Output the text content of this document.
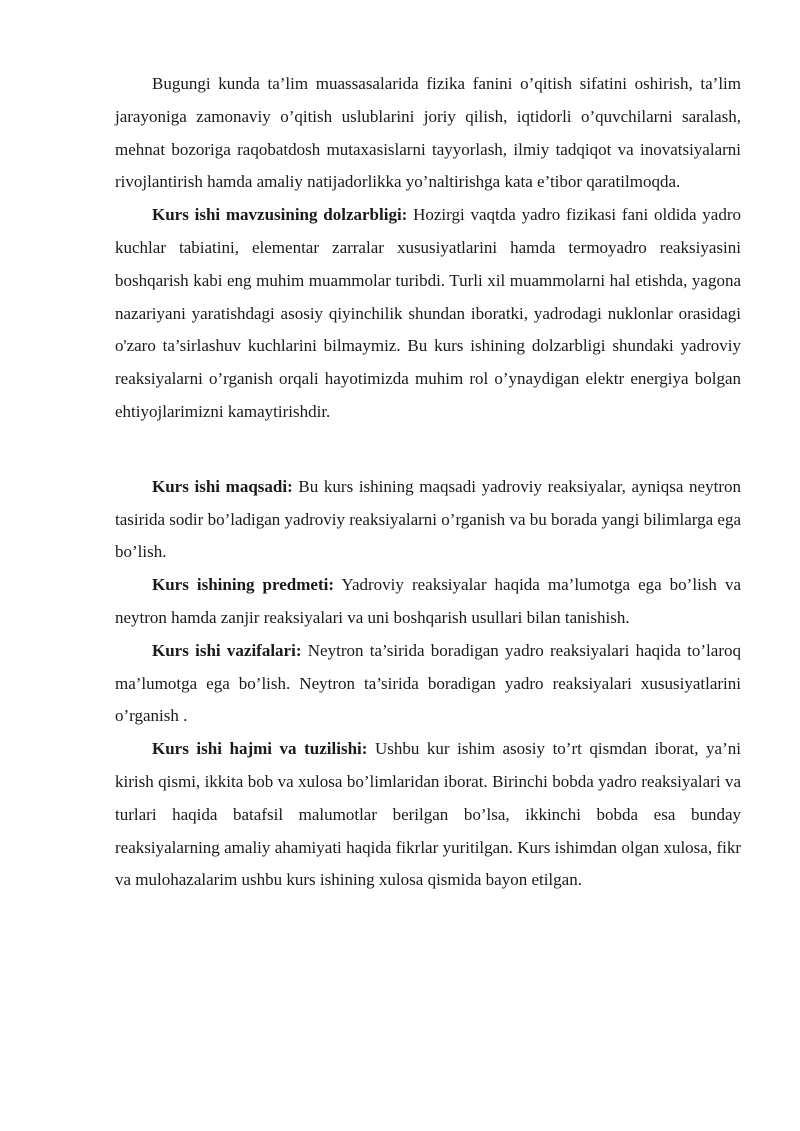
Bugungi kunda ta’lim muassasalarida fizika fanini o’qitish sifatini oshirish, ta’lim jarayoniga zamonaviy o’qitish uslublarini joriy qilish, iqtidorli o’quvchilarni saralash, mehnat bozoriga raqobatdosh mutaxasislarni tayyorlash, ilmiy tadqiqot va inovatsiyalarni rivojlantirish hamda amaliy natijadorlikka yo’naltirishga kata e’tibor qaratilmoqda.

Kurs ishi mavzusining dolzarbligi: Hozirgi vaqtda yadro fizikasi fani oldida yadro kuchlar tabiatini, elementar zarralar xususiyatlarini hamda termoyadro reaksiyasini boshqarish kabi eng muhim muammolar turibdi. Turli xil muammolarni hal etishda, yagona nazariyani yaratishdagi asosiy qiyinchilik shundan iboratki, yadrodagi nuklonlar orasidagi o'zaro ta’sirlashuv kuchlarini bilmaymiz. Bu kurs ishining dolzarbligi shundaki yadroviy reaksiyalarni o’rganish orqali hayotimizda muhim rol o’ynaydigan elektr energiya bolgan ehtiyojlarimizni kamaytirishdir.

Kurs ishi maqsadi: Bu kurs ishining maqsadi yadroviy reaksiyalar, ayniqsa neytron tasirida sodir bo’ladigan yadroviy reaksiyalarni o’rganish va bu borada yangi bilimlarga ega bo’lish.

Kurs ishining predmeti: Yadroviy reaksiyalar haqida ma’lumotga ega bo’lish va neytron hamda zanjir reaksiyalari va uni boshqarish usullari bilan tanishish.

Kurs ishi vazifalari: Neytron ta’sirida boradigan yadro reaksiyalari haqida to’laroq ma’lumotga ega bo’lish. Neytron ta’sirida boradigan yadro reaksiyalari xususiyatlarini o’rganish .

Kurs ishi hajmi va tuzilishi: Ushbu kur ishim asosiy to’rt qismdan iborat, ya’ni kirish qismi, ikkita bob va xulosa bo’limlaridan iborat. Birinchi bobda yadro reaksiyalari va turlari haqida batafsil malumotlar berilgan bo’lsa, ikkinchi bobda esa bunday reaksiyalarning amaliy ahamiyati haqida fikrlar yuritilgan. Kurs ishimdan olgan xulosa, fikr va mulohazalarim ushbu kurs ishining xulosa qismida bayon etilgan.
